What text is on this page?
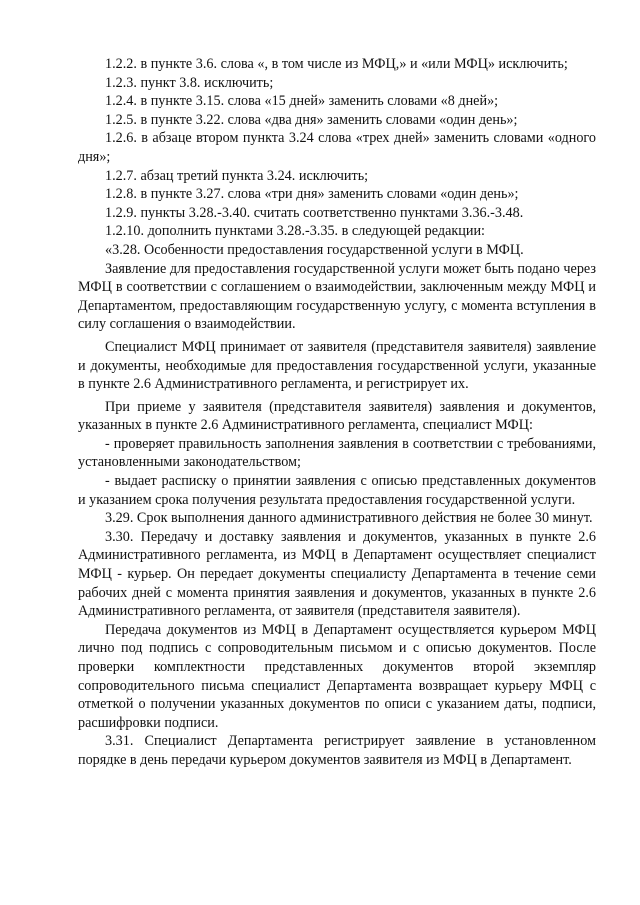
1.2.2. в пункте 3.6. слова «, в том числе из МФЦ,» и «или МФЦ» исключить;

1.2.3. пункт 3.8. исключить;

1.2.4. в пункте 3.15. слова «15 дней» заменить словами «8 дней»;

1.2.5. в пункте 3.22. слова «два дня» заменить словами «один день»;

1.2.6. в абзаце втором пункта 3.24 слова «трех дней» заменить словами «одного дня»;

1.2.7. абзац третий пункта 3.24. исключить;

1.2.8. в пункте 3.27. слова «три дня» заменить словами «один день»;

1.2.9. пункты 3.28.-3.40. считать соответственно пунктами 3.36.-3.48.

1.2.10. дополнить пунктами 3.28.-3.35. в следующей редакции:

«3.28. Особенности предоставления государственной услуги в МФЦ.

Заявление для предоставления государственной услуги может быть подано через МФЦ в соответствии с соглашением о взаимодействии, заключенным между МФЦ и Департаментом, предоставляющим государственную услугу, с момента вступления в силу соглашения о взаимодействии.

Специалист МФЦ принимает от заявителя (представителя заявителя) заявление и документы, необходимые для предоставления государственной услуги, указанные в пункте 2.6 Административного регламента, и регистрирует их.

При приеме у заявителя (представителя заявителя) заявления и документов, указанных в пункте 2.6 Административного регламента, специалист МФЦ:

- проверяет правильность заполнения заявления в соответствии с требованиями, установленными законодательством;

- выдает расписку о принятии заявления с описью представленных документов и указанием срока получения результата предоставления государственной услуги.

3.29. Срок выполнения данного административного действия не более 30 минут.

3.30. Передачу и доставку заявления и документов, указанных в пункте 2.6 Административного регламента, из МФЦ в Департамент осуществляет специалист МФЦ - курьер. Он передает документы специалисту Департамента в течение семи рабочих дней с момента принятия заявления и документов, указанных в пункте 2.6 Административного регламента, от заявителя (представителя заявителя).

Передача документов из МФЦ в Департамент осуществляется курьером МФЦ лично под подпись с сопроводительным письмом и с описью документов. После проверки комплектности представленных документов второй экземпляр сопроводительного письма специалист Департамента возвращает курьеру МФЦ с отметкой о получении указанных документов по описи с указанием даты, подписи, расшифровки подписи.

3.31. Специалист Департамента регистрирует заявление в установленном порядке в день передачи курьером документов заявителя из МФЦ в Департамент.
